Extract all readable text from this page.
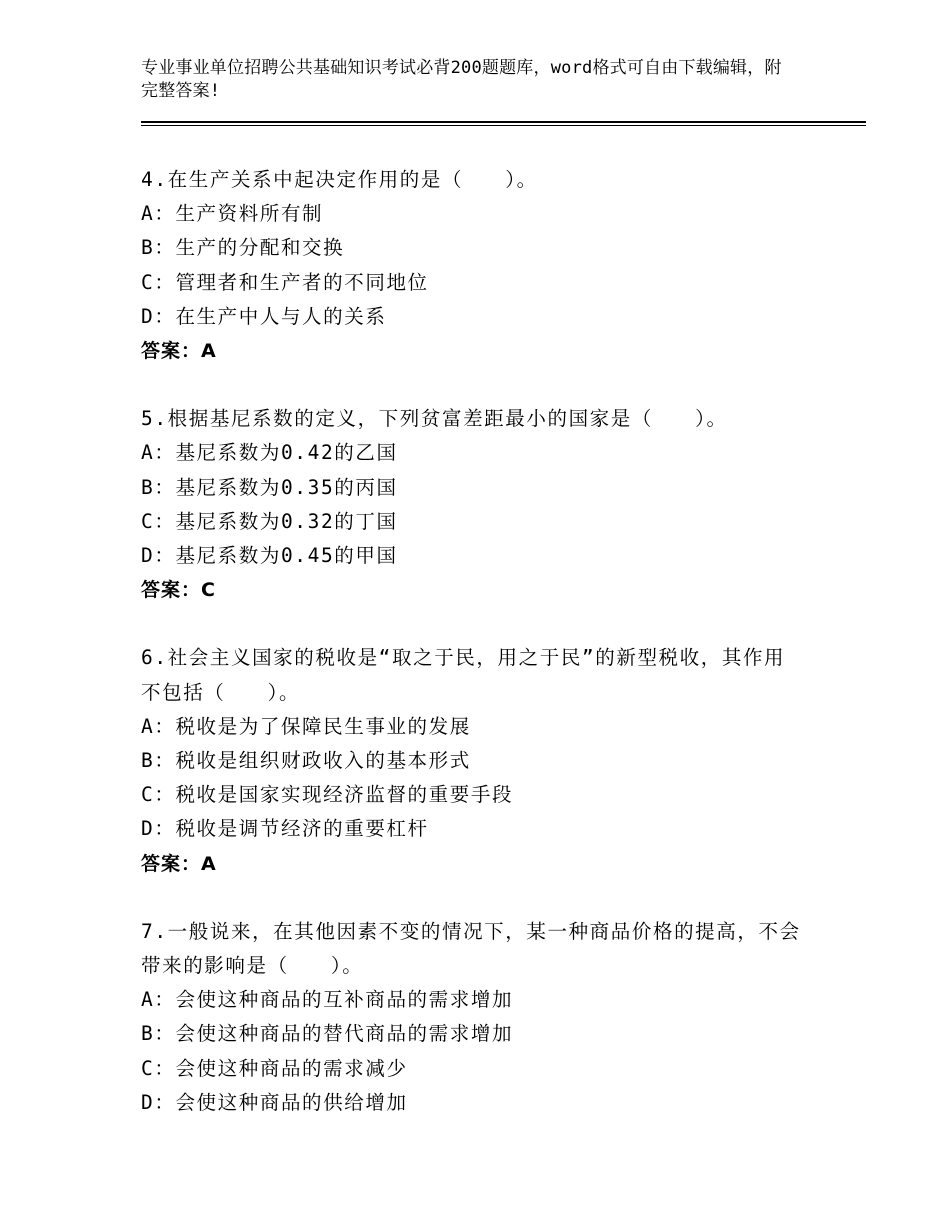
专业事业单位招聘公共基础知识考试必背200题题库，word格式可自由下载编辑，附完整答案!
4.在生产关系中起决定作用的是（　　）。
A：生产资料所有制
B：生产的分配和交换
C：管理者和生产者的不同地位
D：在生产中人与人的关系
答案：A
5.根据基尼系数的定义，下列贫富差距最小的国家是（　　）。
A：基尼系数为0.42的乙国
B：基尼系数为0.35的丙国
C：基尼系数为0.32的丁国
D：基尼系数为0.45的甲国
答案：C
6.社会主义国家的税收是“取之于民，用之于民”的新型税收，其作用不包括（　　）。
A：税收是为了保障民生事业的发展
B：税收是组织财政收入的基本形式
C：税收是国家实现经济监督的重要手段
D：税收是调节经济的重要杠杆
答案：A
7.一般说来，在其他因素不变的情况下，某一种商品价格的提高，不会带来的影响是（　　）。
A：会使这种商品的互补商品的需求增加
B：会使这种商品的替代商品的需求增加
C：会使这种商品的需求减少
D：会使这种商品的供给增加
